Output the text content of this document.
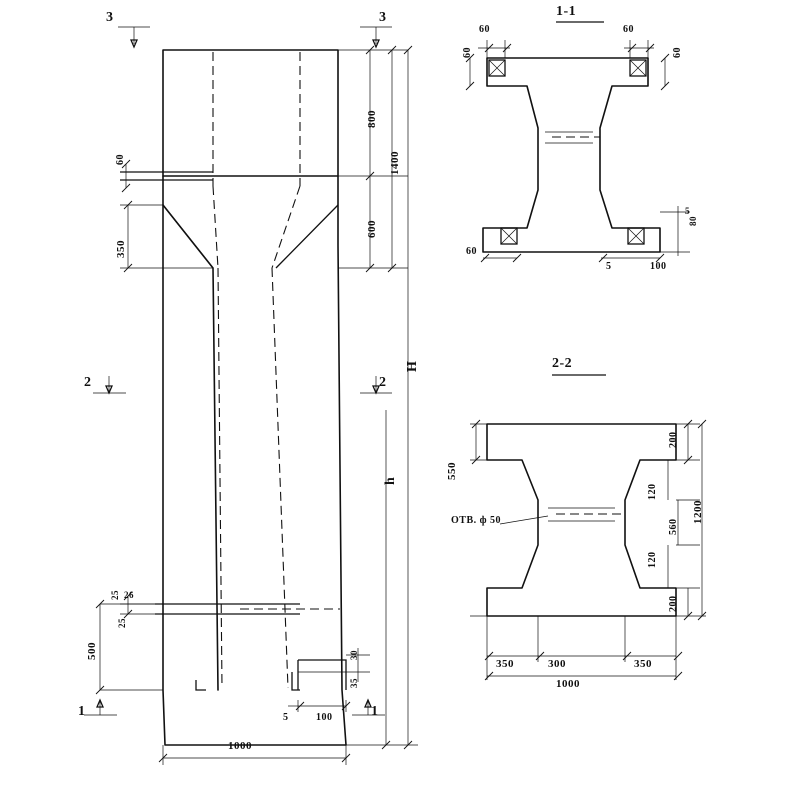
1-1
2-2
3	3
2	2
1	1
800
1400
600
60
350
H
h
25 26
25
500
5	100
30
35
1000
60
60
60
60
60
5	100
5
80
550
200
120
560
120
200
1200
350	300	350
1000
ОТВ. ф 50
